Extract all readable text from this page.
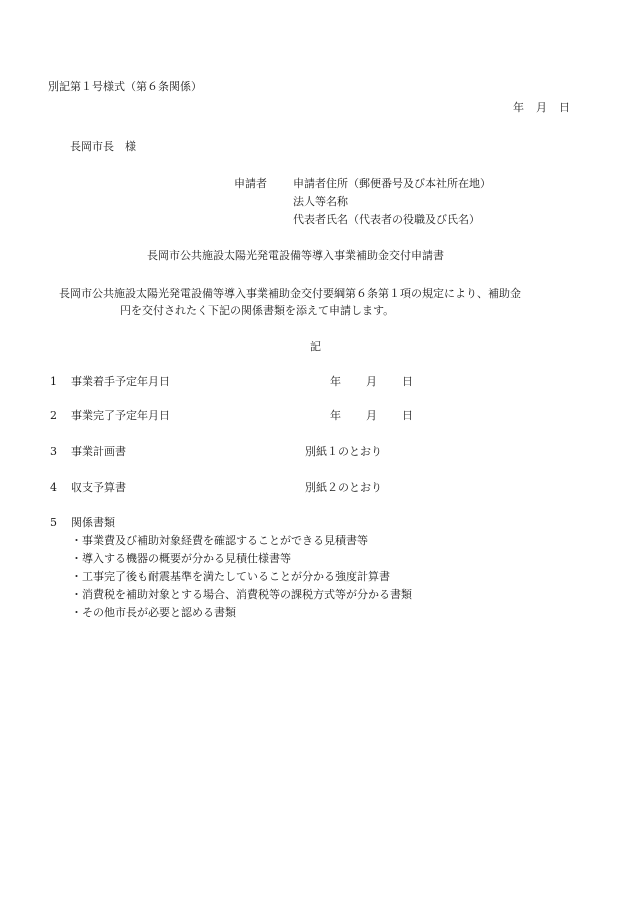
別記第１号様式（第６条関係）
年 月 日
長岡市長　様
申請者 申請者住所（郵便番号及び本社所在地）
法人等名称
代表者氏名（代表者の役職及び氏名）
長岡市公共施設太陽光発電設備等導入事業補助金交付申請書
長岡市公共施設太陽光発電設備等導入事業補助金交付要綱第６条第１項の規定により、補助金
円を交付されたく下記の関係書類を添えて申請します。
記
1 事業着手予定年月日	年 月 日
2 事業完了予定年月日	年 月 日
3 事業計画書	別紙１のとおり
4 収支予算書	別紙２のとおり
5 関係書類
・事業費及び補助対象経費を確認することができる見積書等
・導入する機器の概要が分かる見積仕様書等
・工事完了後も耐震基準を満たしていることが分かる強度計算書
・消費税を補助対象とする場合、消費税等の課税方式等が分かる書類
・その他市長が必要と認める書類
